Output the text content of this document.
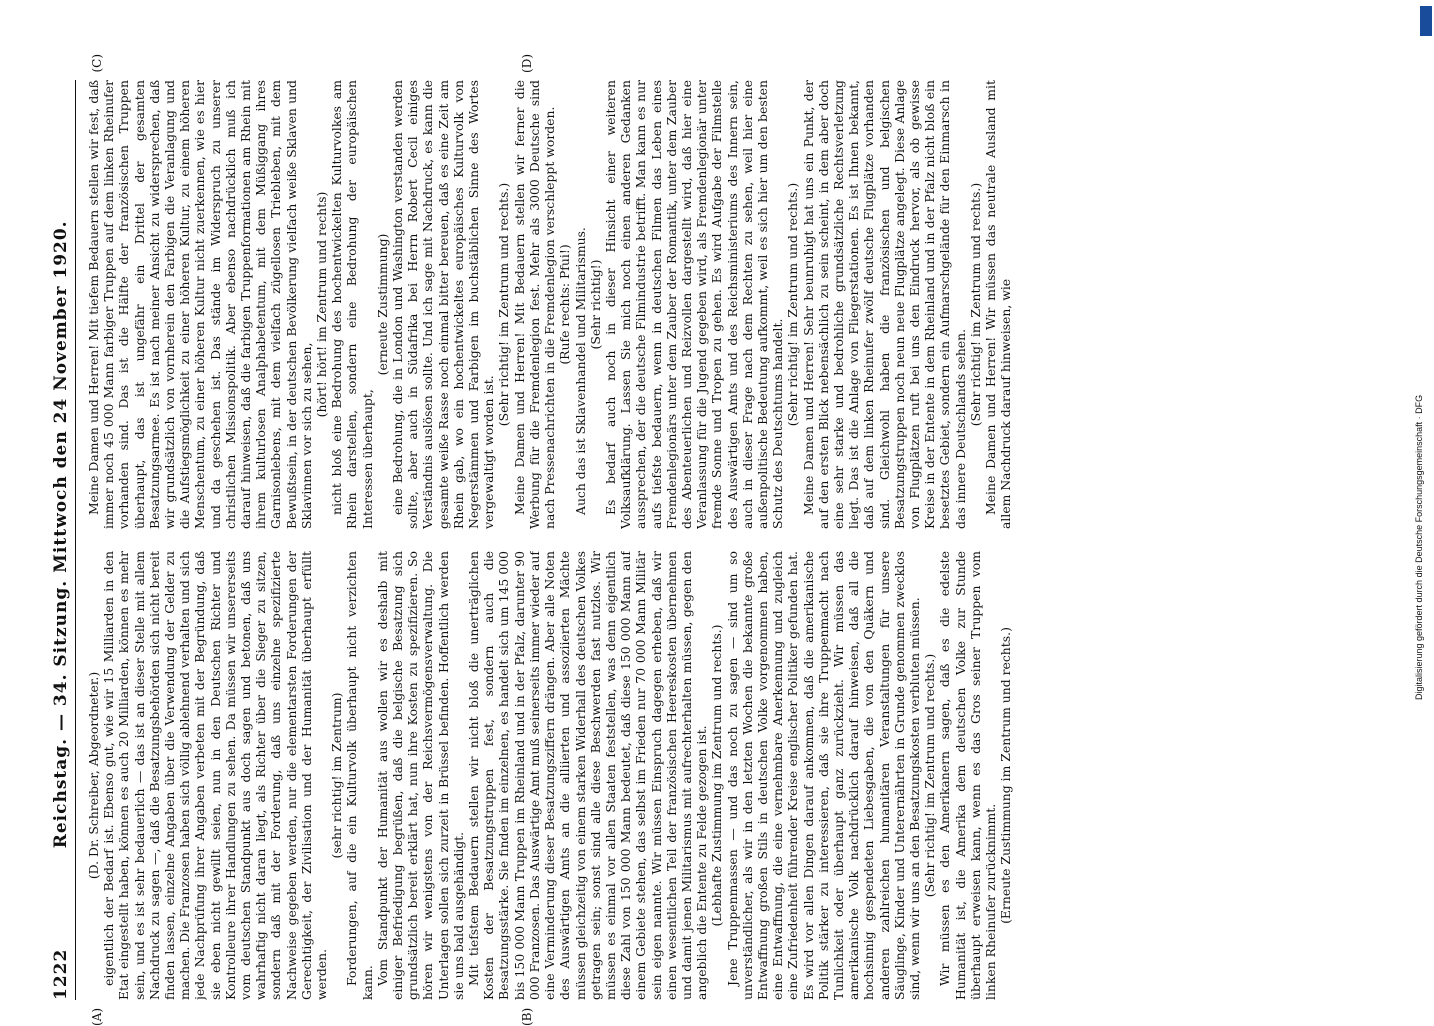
1222
Reichstag. — 34. Sitzung. Mittwoch den 24 November 1920. (D. Dr. Schreiber, Abgeordneter.) eigentlich der Bedarf ist. Ebenso gut, wie wir 15 Milliarden in den Etat eingestellt haben, können es auch 20 Milliarden, können es mehr sein, und es ist sehr bedauerlich — das ist an dieser Stelle mit allem Nachdruck zu sagen —, daß die Besatzungsbehörden sich nicht bereit finden lassen, einzelne Angaben über die Verwendung der Gelder zu machen. Die Franzosen haben sich völlig ablehnend verhalten und sich jede Nachprüfung ihrer Angaben verbeten mit der Begründung, daß sie eben nicht gewillt seien, nun in den Deutschen Richter und Kontrolleure ihrer Handlungen zu sehen. Da müssen wir unsererseits vom deutschen Standpunkt aus doch sagen und betonen, daß uns wahrhaftig nicht daran liegt, als Richter über die Sieger zu sitzen, sondern daß mit der Forderung, daß uns einzelne spezifizierte Nachweise gegeben werden, nur die elementarsten Forderungen der Gerechtigkeit, der Zivilisation und der Humanität überhaupt erfüllt werden.

(sehr richtig! im Zentrum) Forderungen, auf die ein Kulturvolk überhaupt nicht verzichten kann. Vom Standpunkt der Humanität aus wollen wir es deshalb mit einiger Befriedigung begrüßen, daß die belgische Besatzung sich grundsätzlich bereit erklärt hat, nun ihre Kosten zu spezifizieren. So hören wir wenigstens von der Reichsvermögensverwaltung. Die Unterlagen sollen sich zurzeit in Brüssel befinden. Hoffentlich werden sie uns bald ausgehändigt. Mit tiefstem Bedauern stellen wir nicht bloß die unerträglichen Kosten der Besatzungstruppen fest, sondern auch die Besatzungsstärke. Sie finden im einzelnen, es handelt sich um 145 000 bis 150 000 Mann Truppen im Rheinland und in der Pfalz, darunter 90 000 Franzosen. Das Auswärtige Amt muß seinerseits immer wieder auf eine Verminderung dieser Besatzungsziffern drängen. Aber alle Noten des Auswärtigen Amts an die alliierten und assoziierten Mächte müssen gleichzeitig von einem starken Widerhall des deutschen Volkes getragen sein; sonst sind alle diese Beschwerden fast nutzlos. Wir müssen es einmal vor allen Staaten feststellen, was denn eigentlich diese Zahl von 150 000 Mann bedeutet, daß diese 150 000 Mann auf einem Gebiete stehen, das selbst im Frieden nur 70 000 Mann Militär sein eigen nannte. Wir müssen Einspruch dagegen erheben, daß wir einen wesentlichen Teil der französischen Heereskosten übernehmen und damit jenen Militarismus mit aufrechterhalten müssen, gegen den angeblich die Entente zu Felde gezogen ist. (Lebhafte Zustimmung im Zentrum und rechts.) Jene Truppenmassen — und das noch zu sagen — sind um so unverständlicher, als wir in den letzten Wochen die bekannte große Entwaffnung großen Stils in deutschen Volke vorgenommen haben, eine Entwaffnung, die eine vernehmbare Anerkennung und zugleich eine Zufriedenheit führender Kreise englischer Politiker gefunden hat. Es wird vor allen Dingen darauf ankommen, daß die amerikanische Politik stärker zu interessieren, daß sie ihre Truppenmacht nach Tunlichkeit oder überhaupt ganz zurückzieht. Wir müssen das amerikanische Volk nachdrücklich darauf hinweisen, daß all die hochsinnig gespendeten Liebesgaben, die von den Quäkern und anderen zahlreichen humanitären Veranstaltungen für unsere Säuglinge, Kinder und Unterernährten in Grunde genommen zwecklos sind, wenn wir uns an den Besatzungskosten verbluten müssen. (Sehr richtig! im Zentrum und rechts.) Wir müssen es den Amerikanern sagen, daß es die edelste Humanität ist, die Amerika dem deutschen Volke zur Stunde überhaupt erweisen kann, wenn es das Gros seiner Truppen vom linken Rheinufer zurücknimmt. (Erneute Zustimmung im Zentrum und rechts.)

Meine Damen und Herren! Mit tiefem Bedauern stellen wir fest, daß immer noch 45 000 Mann farbiger Truppen auf dem linken Rheinufer vorhanden sind. Das ist die Hälfte der französischen Truppen überhaupt, das ist ungefähr ein Drittel der gesamten Besatzungsarmee. Es ist nach meiner Ansicht zu widersprechen, daß wir grundsätzlich von vornherein den Farbigen die Veranlagung und die Aufstiegsmöglichkeit zu einer höheren Kultur, zu einem höheren Menschentum, zu einer höheren Kultur nicht zuerkennen, wie es hier und da geschehen ist. Das stände im Widerspruch zu unserer christlichen Missionspolitik. Aber ebenso nachdrücklich muß ich darauf hinweisen, daß die farbigen Truppenformationen am Rhein mit ihrem kulturlosen Analphabetentum, mit dem Müßiggang ihres Garnisonlebens, mit dem vielfach zügellosen Triebleben, mit dem Bewußtsein, in der deutschen Bevölkerung vielfach weiße Sklaven und Sklavinnen vor sich zu sehen,

(hört! hört! im Zentrum und rechts) nicht bloß eine Bedrohung des hochentwickelten Kulturvolkes am Rhein darstellen, sondern eine Bedrohung der europäischen Interessen überhaupt,

(erneute Zustimmung) eine Bedrohung, die in London und Washington verstanden werden sollte, aber auch in Südafrika bei Herrn Robert Cecil einiges Verständnis auslösen sollte. Und ich sage mit Nachdruck, es kann die gesamte weiße Rasse noch einmal bitter bereuen, daß es eine Zeit am Rhein gab, wo ein hochentwickeltes europäisches Kulturvolk von Negerstämmen und Farbigen im buchstäblichen Sinne des Wortes vergewaltigt worden ist.

(Sehr richtig! im Zentrum und rechts.) Meine Damen und Herren! Mit Bedauern stellen wir ferner die Werbung für die Fremdenlegion fest. Mehr als 3000 Deutsche sind nach Pressenachrichten in die Fremdenlegion verschleppt worden. (Rufe rechts: Pfui!) Auch das ist Sklavenhandel und Militarismus. (Sehr richtig!) Es bedarf auch noch in dieser Hinsicht einer weiteren Volksaufklärung. Lassen Sie mich noch einen anderen Gedanken aussprechen, der die deutsche Filmindustrie betrifft. Man kann es nur aufs tiefste bedauern, wenn in deutschen Filmen das Leben eines Fremdenlegionärs unter dem Zauber der Romantik, unter dem Zauber des Abenteuerlichen und Reizvollen dargestellt wird, daß hier eine Veranlassung für die Jugend gegeben wird, als Fremdenlegionär unter fremde Sonne und Tropen zu gehen. Es wird Aufgabe der Filmstelle des Auswärtigen Amts und des Reichsministeriums des Innern sein, auch in dieser Frage nach dem Rechten zu sehen, weil hier eine außenpolitische Bedeutung aufkommt, weil es sich hier um den besten Schutz des Deutschtums handelt. (Sehr richtig! im Zentrum und rechts.) Meine Damen und Herren! Sehr beunruhigt hat uns ein Punkt, der auf den ersten Blick nebensächlich zu sein scheint, in dem aber doch eine sehr starke und bedrohliche grundsätzliche Rechtsverletzung liegt. Das ist die Anlage von Fliegerstationen. Es ist Ihnen bekannt, daß auf dem linken Rheinufer zwölf deutsche Flugplätze vorhanden sind. Gleichwohl haben die französischen und belgischen Besatzungstruppen noch neun neue Flugplätze angelegt. Diese Anlage von Flugplätzen ruft bei uns den Eindruck hervor, als ob gewisse Kreise in der Entente in dem Rheinland und in der Pfalz nicht bloß ein besetztes Gebiet, sondern ein Aufmarschgelände für den Einmarsch in das innere Deutschlands sehen.

(Sehr richtig! im Zentrum und rechts.) Meine Damen und Herren! Wir müssen das neutrale Ausland mit allem Nachdruck darauf hinweisen, wie

(A)	(B)
(C)	(D)
Digitalisierung gefördert durch die Deutsche Forschungsgemeinschaft · DFG
